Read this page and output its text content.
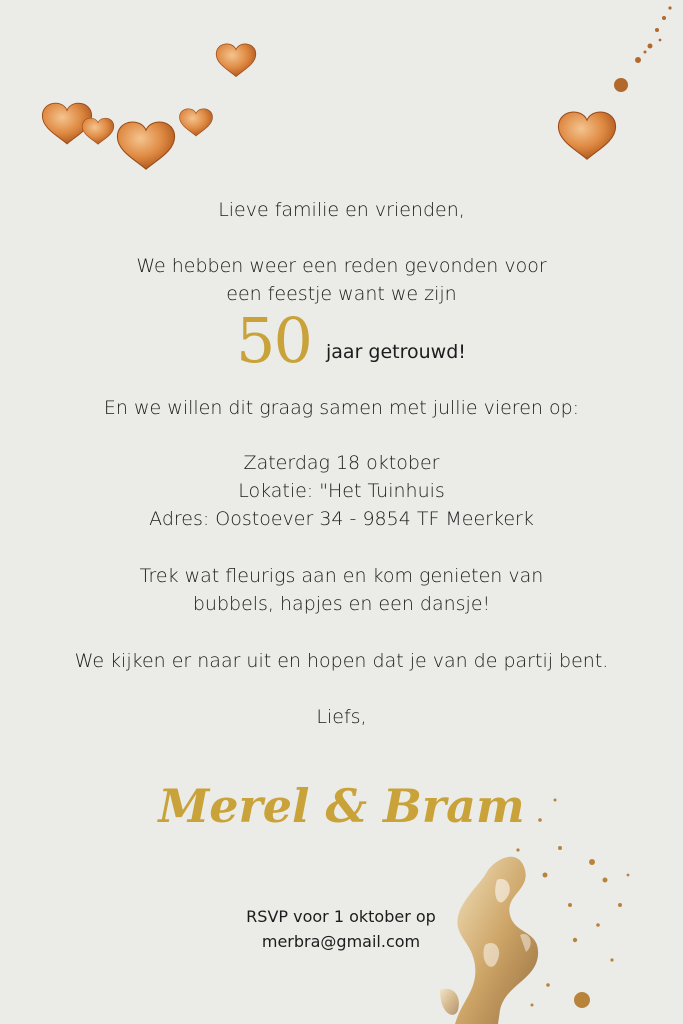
Lieve familie en vrienden,
We hebben weer een reden gevonden voor
een feestje want we zijn
50 jaar getrouwd!
En we willen dit graag samen met jullie vieren op:
Zaterdag 18 oktober
Lokatie: "Het Tuinhuis
Adres: Oostoever 34 - 9854 TF Meerkerk
Trek wat fleurigs aan en kom genieten van
bubbels, hapjes en een dansje!
We kijken er naar uit en hopen dat je van de partij bent.
Liefs,
Merel & Bram
RSVP voor 1 oktober op
merbra@gmail.com
